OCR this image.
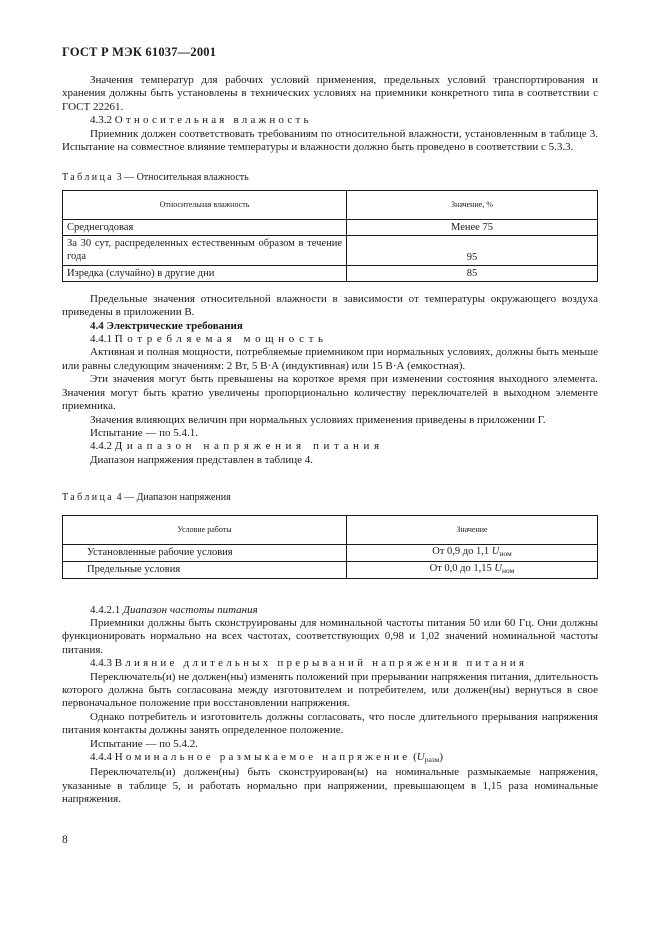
ГОСТ Р МЭК 61037—2001

Значения температур для рабочих условий применения, предельных условий транспортирования и хранения должны быть установлены в технических условиях на приемники конкретного типа в соответствии с ГОСТ 22261.

4.3.2 Относительная влажность

Приемник должен соответствовать требованиям по относительной влажности, установленным в таблице 3. Испытание на совместное влияние температуры и влажности должно быть проведено в соответствии с 5.3.3.

Таблица 3 — Относительная влажность
Относительная влажность	Значение, %
Среднегодовая	Менее 75
За 30 сут, распределенных естественным образом в течение года	95
Изредка (случайно) в другие дни	85

Предельные значения относительной влажности в зависимости от температуры окружающего воздуха приведены в приложении В.

4.4 Электрические требования

4.4.1 Потребляемая мощность

Активная и полная мощности, потребляемые приемником при нормальных условиях, должны быть меньше или равны следующим значениям: 2 Вт, 5 В·А (индуктивная) или 15 В·А (емкостная).

Эти значения могут быть превышены на короткое время при изменении состояния выходного элемента. Значения могут быть кратно увеличены пропорционально количеству переключателей в выходном элементе приемника.

Значения влияющих величин при нормальных условиях применения приведены в приложении Г.

Испытание — по 5.4.1.

4.4.2 Диапазон напряжения питания

Диапазон напряжения представлен в таблице 4.

Таблица 4 — Диапазон напряжения
Условие работы	Значение
Установленные рабочие условия	От 0,9 до 1,1 $U_{ном}$
Предельные условия	От 0,0 до 1,15 $U_{ном}$

4.4.2.1 Диапазон частоты питания

Приемники должны быть сконструированы для номинальной частоты питания 50 или 60 Гц. Они должны функционировать нормально на всех частотах, соответствующих 0,98 и 1,02 значений номинальной частоты питания.

4.4.3 Влияние длительных прерываний напряжения питания

Переключатель(и) не должен(ны) изменять положений при прерывании напряжения питания, длительность которого должна быть согласована между изготовителем и потребителем, или должен(ны) вернуться в свое первоначальное положение при восстановлении напряжения.

Однако потребитель и изготовитель должны согласовать, что после длительного прерывания напряжения питания контакты должны занять определенное положение.

Испытание — по 5.4.2.

4.4.4 Номинальное размыкаемое напряжение $(U_{разм})$

Переключатель(и) должен(ны) быть сконструирован(ы) на номинальные размыкаемые напряжения, указанные в таблице 5, и работать нормально при напряжении, превышающем в 1,15 раза номинальные напряжения.

8
